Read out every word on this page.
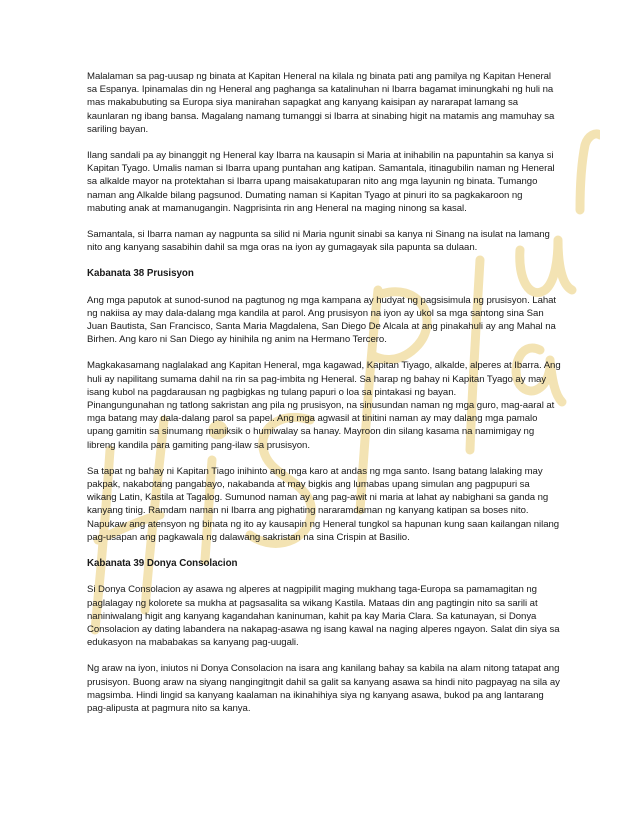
Malalaman sa pag-uusap ng binata at Kapitan Heneral na kilala ng binata pati ang pamilya ng Kapitan Heneral sa Espanya. Ipinamalas din ng Heneral ang paghanga sa katalinuhan ni Ibarra bagamat iminungkahi ng huli na mas makabubuting sa Europa siya manirahan sapagkat ang kanyang kaisipan ay nararapat lamang sa kaunlaran ng ibang bansa. Magalang namang tumanggi si Ibarra at sinabing higit na matamis ang mamuhay sa sariling bayan.

Ilang sandali pa ay binanggit ng Heneral kay Ibarra na kausapin si Maria at inihabilin na papuntahin sa kanya si Kapitan Tyago. Umalis naman si Ibarra upang puntahan ang katipan. Samantala, itinagubilin naman ng Heneral sa alkalde mayor na protektahan si Ibarra upang maisakatuparan nito ang mga layunin ng binata. Tumango naman ang Alkalde bilang pagsunod. Dumating naman si Kapitan Tyago at pinuri ito sa pagkakaroon ng mabuting anak at mamanugangin. Nagprisinta rin ang Heneral na maging ninong sa kasal.

Samantala, si Ibarra naman ay nagpunta sa silid ni Maria ngunit sinabi sa kanya ni Sinang na isulat na lamang nito ang kanyang sasabihin dahil sa mga oras na iyon ay gumagayak sila papunta sa dulaan.

Kabanata 38 Prusisyon

Ang mga paputok at sunod-sunod na pagtunog ng mga kampana ay hudyat ng pagsisimula ng prusisyon. Lahat ng nakiisa ay may dala-dalang mga kandila at parol. Ang prusisyon na iyon ay ukol sa mga santong sina San Juan Bautista, San Francisco, Santa Maria Magdalena, San Diego De Alcala at ang pinakahuli ay ang Mahal na Birhen. Ang karo ni San Diego ay hinihila ng anim na Hermano Tercero.

Magkakasamang naglalakad ang Kapitan Heneral, mga kagawad, Kapitan Tiyago, alkalde, alperes at Ibarra. Ang huli ay napilitang sumama dahil na rin sa pag-imbita ng Heneral. Sa harap ng bahay ni Kapitan Tyago ay may isang kubol na pagdarausan ng pagbigkas ng tulang papuri o loa sa pintakasi ng bayan.

Pinangungunahan ng tatlong sakristan ang pila ng prusisyon, na sinusundan naman ng mga guro, mag-aaral at mga batang may dala-dalang parol sa papel. Ang mga agwasil at tinitini naman ay may dalang mga pamalo upang gamitin sa sinumang maniksik o humiwalay sa hanay. Mayroon din silang kasama na namimigay ng libreng kandila para gamiting pang-ilaw sa prusisyon.

Sa tapat ng bahay ni Kapitan Tiago inihinto ang mga karo at andas ng mga santo. Isang batang lalaking may pakpak, nakabotang pangabayo, nakabanda at may bigkis ang lumabas upang simulan ang pagpupuri sa wikang Latin, Kastila at Tagalog. Sumunod naman ay ang pag-awit ni maria at lahat ay nabighani sa ganda ng kanyang tinig. Ramdam naman ni Ibarra ang pighating nararamdaman ng kanyang katipan sa boses nito. Napukaw ang atensyon ng binata ng ito ay kausapin ng Heneral tungkol sa hapunan kung saan kailangan nilang pag-usapan ang pagkawala ng dalawang sakristan na sina Crispin at Basilio.

Kabanata 39 Donya Consolacion

Si Donya Consolacion ay asawa ng alperes at nagpipilit maging mukhang taga-Europa sa pamamagitan ng paglalagay ng kolorete sa mukha at pagsasalita sa wikang Kastila. Mataas din ang pagtingin nito sa sarili at naniniwalang higit ang kanyang kagandahan kaninuman, kahit pa kay Maria Clara. Sa katunayan, si Donya Consolacion ay dating labandera na nakapag-asawa ng isang kawal na naging alperes ngayon. Salat din siya sa edukasyon na mababakas sa kanyang pag-uugali.

Ng araw na iyon, iniutos ni Donya Consolacion na isara ang kanilang bahay sa kabila na alam nitong tatapat ang prusisyon. Buong araw na siyang nangingitngit dahil sa galit sa kanyang asawa sa hindi nito pagpayag na sila ay magsimba. Hindi lingid sa kanyang kaalaman na ikinahihiya siya ng kanyang asawa, bukod pa ang lantarang pag-alipusta at pagmura nito sa kanya.
